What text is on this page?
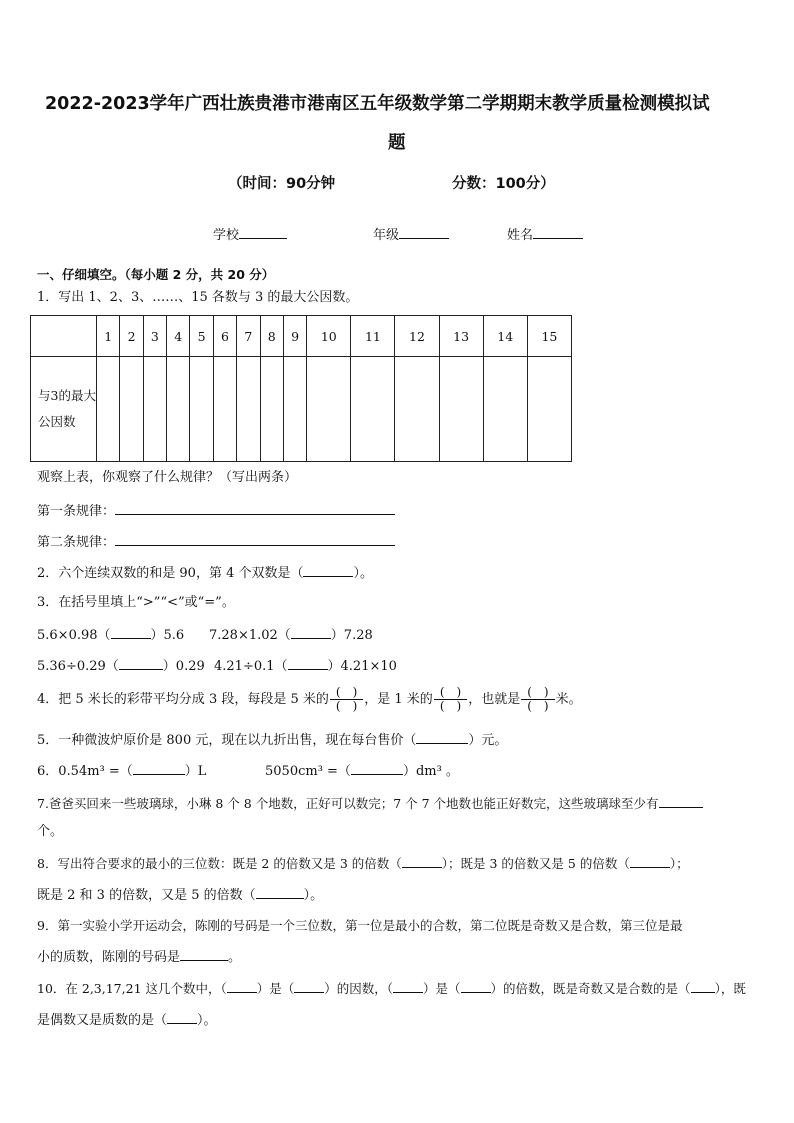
2022-2023学年广西壮族贵港市港南区五年级数学第二学期期末教学质量检测模拟试
题
（时间：90分钟	分数：100分）
学校	年级	姓名
一、仔细填空。（每小题 2 分，共 20 分）
1．写出 1、2、3、……、15 各数与 3 的最大公因数。
	1	2	3	4	5	6	7	8	9	10	11	12	13	14	15
与3的最大公因数															
观察上表，你观察了什么规律？（写出两条）
第一条规律：
第二条规律：
2．六个连续双数的和是 90，第 4 个双数是（	）。
3．在括号里填上“>”“<”或“=”。
5.6×0.98（	）5.6 7.28×1.02（	）7.28
5.36÷0.29（	）0.29 4.21÷0.1（	）4.21×10
4．把 5 米长的彩带平均分成 3 段，每段是 5 米的 $\frac{( )}{( )}$ ，是 1 米的 $\frac{( )}{( )}$ ，也就是 $\frac{( )}{( )}$ 米。
5．一种微波炉原价是 800 元，现在以九折出售，现在每台售价（	）元。
6．0.54m³ =（	）L	5050cm³ =（	）dm³ 。
7.爸爸买回来一些玻璃球，小琳 8 个 8 个地数，正好可以数完；7 个 7 个地数也能正好数完，这些玻璃球至少有
个。
8．写出符合要求的最小的三位数：既是 2 的倍数又是 3 的倍数（	）；既是 3 的倍数又是 5 的倍数（	）；
既是 2 和 3 的倍数，又是 5 的倍数（	）。
9．第一实验小学开运动会，陈刚的号码是一个三位数，第一位是最小的合数，第二位既是奇数又是合数，第三位是最
小的质数，陈刚的号码是	。
10．在 2,3,17,21 这几个数中，（ ）是（ ）的因数，（ ）是（ ）的倍数，既是奇数又是合数的是（ ），既
是偶数又是质数的是（ ）。
